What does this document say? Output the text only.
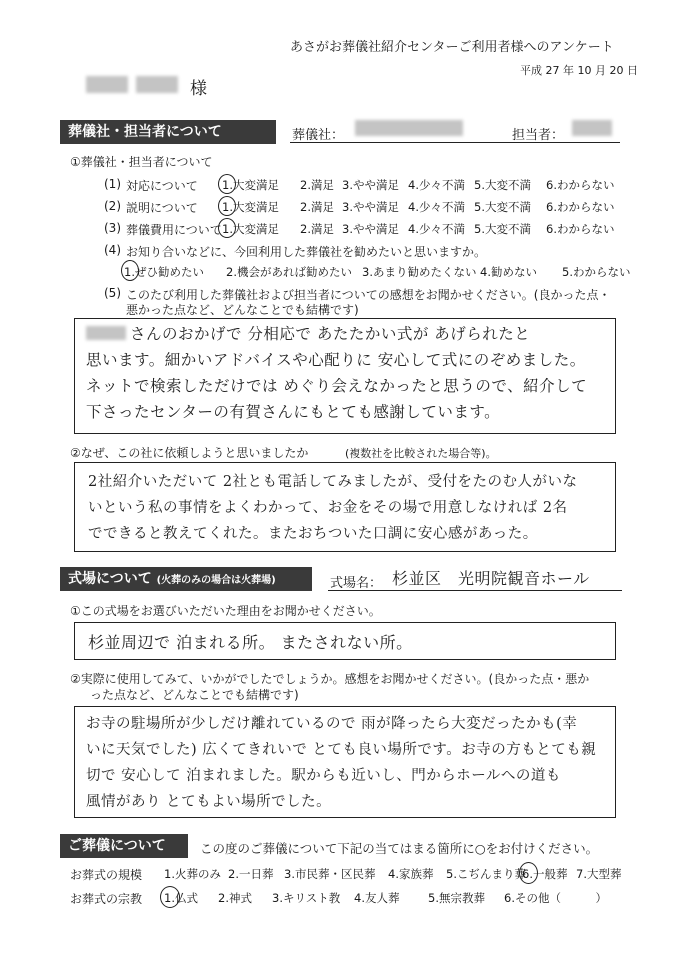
あさがお葬儀社紹介センターご利用者様へのアンケート
平成 27 年 10 月 20 日
様
葬儀社・担当者について	葬儀社：	担当者：
①葬儀社・担当者について
(1) 対応について 1.大変満足 2.満足 3.やや満足 4.少々不満 5.大変不満 6.わからない
(2) 説明について 1.大変満足 2.満足 3.やや満足 4.少々不満 5.大変不満 6.わからない
(3) 葬儀費用について 1.大変満足 2.満足 3.やや満足 4.少々不満 5.大変不満 6.わからない
(4) お知り合いなどに、今回利用した葬儀社を勧めたいと思いますか。
1.ぜひ勧めたい 2.機会があれば勧めたい 3.あまり勧めたくない 4.勧めない 5.わからない
(5) このたび利用した葬儀社および担当者についての感想をお聞かせください。(良かった点・
悪かった点など、どんなことでも結構です)
さんのおかげで 分相応で あたたかい式が あげられたと
思います。細かいアドバイスや心配りに 安心して式にのぞめました。
ネットで検索しただけでは めぐり会えなかったと思うので、紹介して
下さったセンターの有賀さんにもとても感謝しています。
②なぜ、この社に依頼しようと思いましたか	(複数社を比較された場合等)。
2社紹介いただいて 2社とも電話してみましたが、受付をたのむ人がいな
いという私の事情をよくわかって、お金をその場で用意しなければ 2名
でできると教えてくれた。またおちついた口調に安心感があった。
式場について (火葬のみの場合は火葬場)	式場名： 杉並区　光明院観音ホール
①この式場をお選びいただいた理由をお聞かせください。
杉並周辺で 泊まれる所。 またされない所。
②実際に使用してみて、いかがでしたでしょうか。感想をお聞かせください。(良かった点・悪か
った点など、どんなことでも結構です)
お寺の駐場所が少しだけ離れているので 雨が降ったら大変だったかも(幸
いに天気でした) 広くてきれいで とても良い場所です。お寺の方もとても親
切で 安心して 泊まれました。駅からも近いし、門からホールへの道も
風情があり とてもよい場所でした。
ご葬儀について	この度のご葬儀について下記の当てはまる箇所に○をお付けください。
お葬式の規模 1.火葬のみ 2.一日葬 3.市民葬・区民葬 4.家族葬 5.こぢんまり葬
6.一般葬 7.大型葬
お葬式の宗教 1.仏式 2.神式 3.キリスト教 4.友人葬 5.無宗教葬 6.その他（　　　）
